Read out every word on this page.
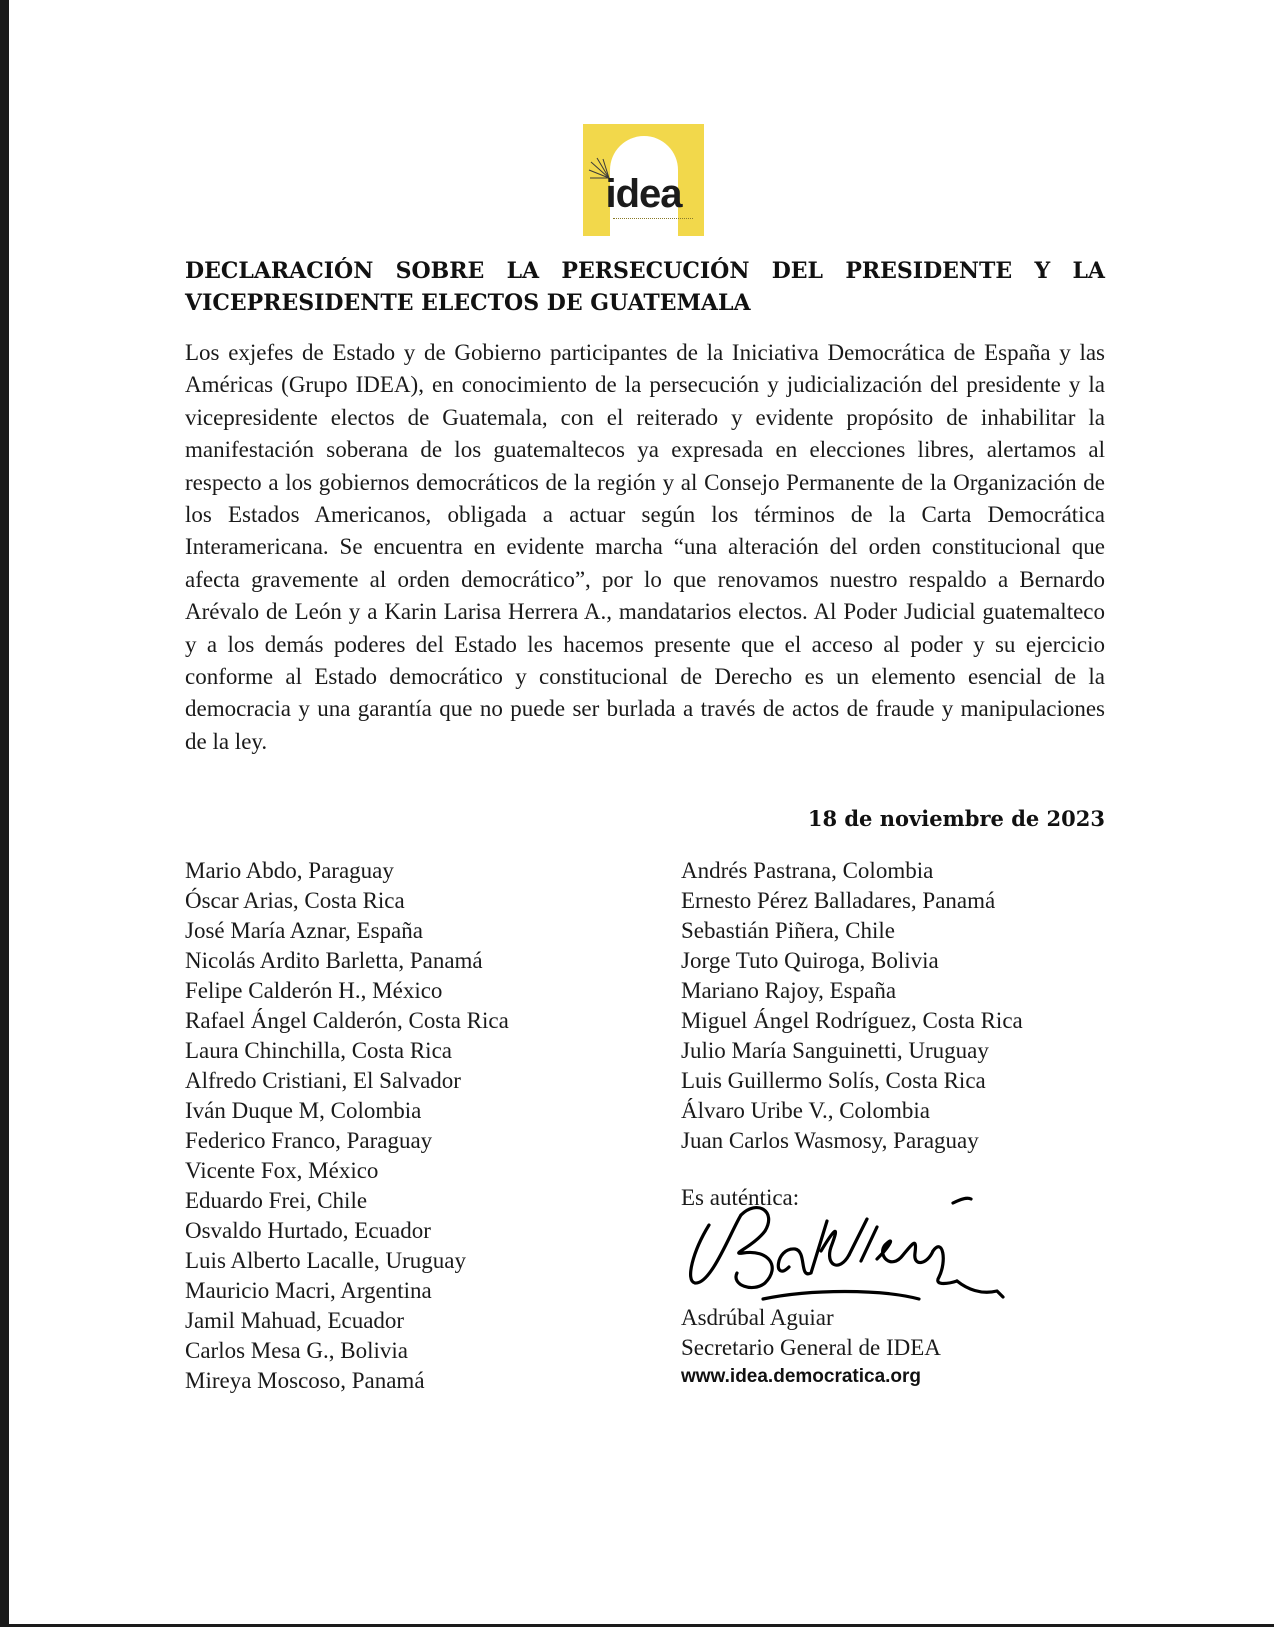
idea
DECLARACIÓN SOBRE LA PERSECUCIÓN DEL PRESIDENTE Y LA VICEPRESIDENTE ELECTOS DE GUATEMALA

Los exjefes de Estado y de Gobierno participantes de la Iniciativa Democrática de España y las Américas (Grupo IDEA), en conocimiento de la persecución y judicialización del presidente y la vicepresidente electos de Guatemala, con el reiterado y evidente propósito de inhabilitar la manifestación soberana de los guatemaltecos ya expresada en elecciones libres, alertamos al respecto a los gobiernos democráticos de la región y al Consejo Permanente de la Organización de los Estados Americanos, obligada a actuar según los términos de la Carta Democrática Interamericana. Se encuentra en evidente marcha “una alteración del orden constitucional que afecta gravemente al orden democrático”, por lo que renovamos nuestro respaldo a Bernardo Arévalo de León y a Karin Larisa Herrera A., mandatarios electos. Al Poder Judicial guatemalteco y a los demás poderes del Estado les hacemos presente que el acceso al poder y su ejercicio conforme al Estado democrático y constitucional de Derecho es un elemento esencial de la democracia y una garantía que no puede ser burlada a través de actos de fraude y manipulaciones de la ley.

18 de noviembre de 2023
Mario Abdo, Paraguay
Óscar Arias, Costa Rica
José María Aznar, España
Nicolás Ardito Barletta, Panamá
Felipe Calderón H., México
Rafael Ángel Calderón, Costa Rica
Laura Chinchilla, Costa Rica
Alfredo Cristiani, El Salvador
Iván Duque M, Colombia
Federico Franco, Paraguay
Vicente Fox, México
Eduardo Frei, Chile
Osvaldo Hurtado, Ecuador
Luis Alberto Lacalle, Uruguay
Mauricio Macri, Argentina
Jamil Mahuad, Ecuador
Carlos Mesa G., Bolivia
Mireya Moscoso, Panamá
Andrés Pastrana, Colombia
Ernesto Pérez Balladares, Panamá
Sebastián Piñera, Chile
Jorge Tuto Quiroga, Bolivia
Mariano Rajoy, España
Miguel Ángel Rodríguez, Costa Rica
Julio María Sanguinetti, Uruguay
Luis Guillermo Solís, Costa Rica
Álvaro Uribe V., Colombia
Juan Carlos Wasmosy, Paraguay
Es auténtica:
Asdrúbal Aguiar
Secretario General de IDEA
www.idea.democratica.org
